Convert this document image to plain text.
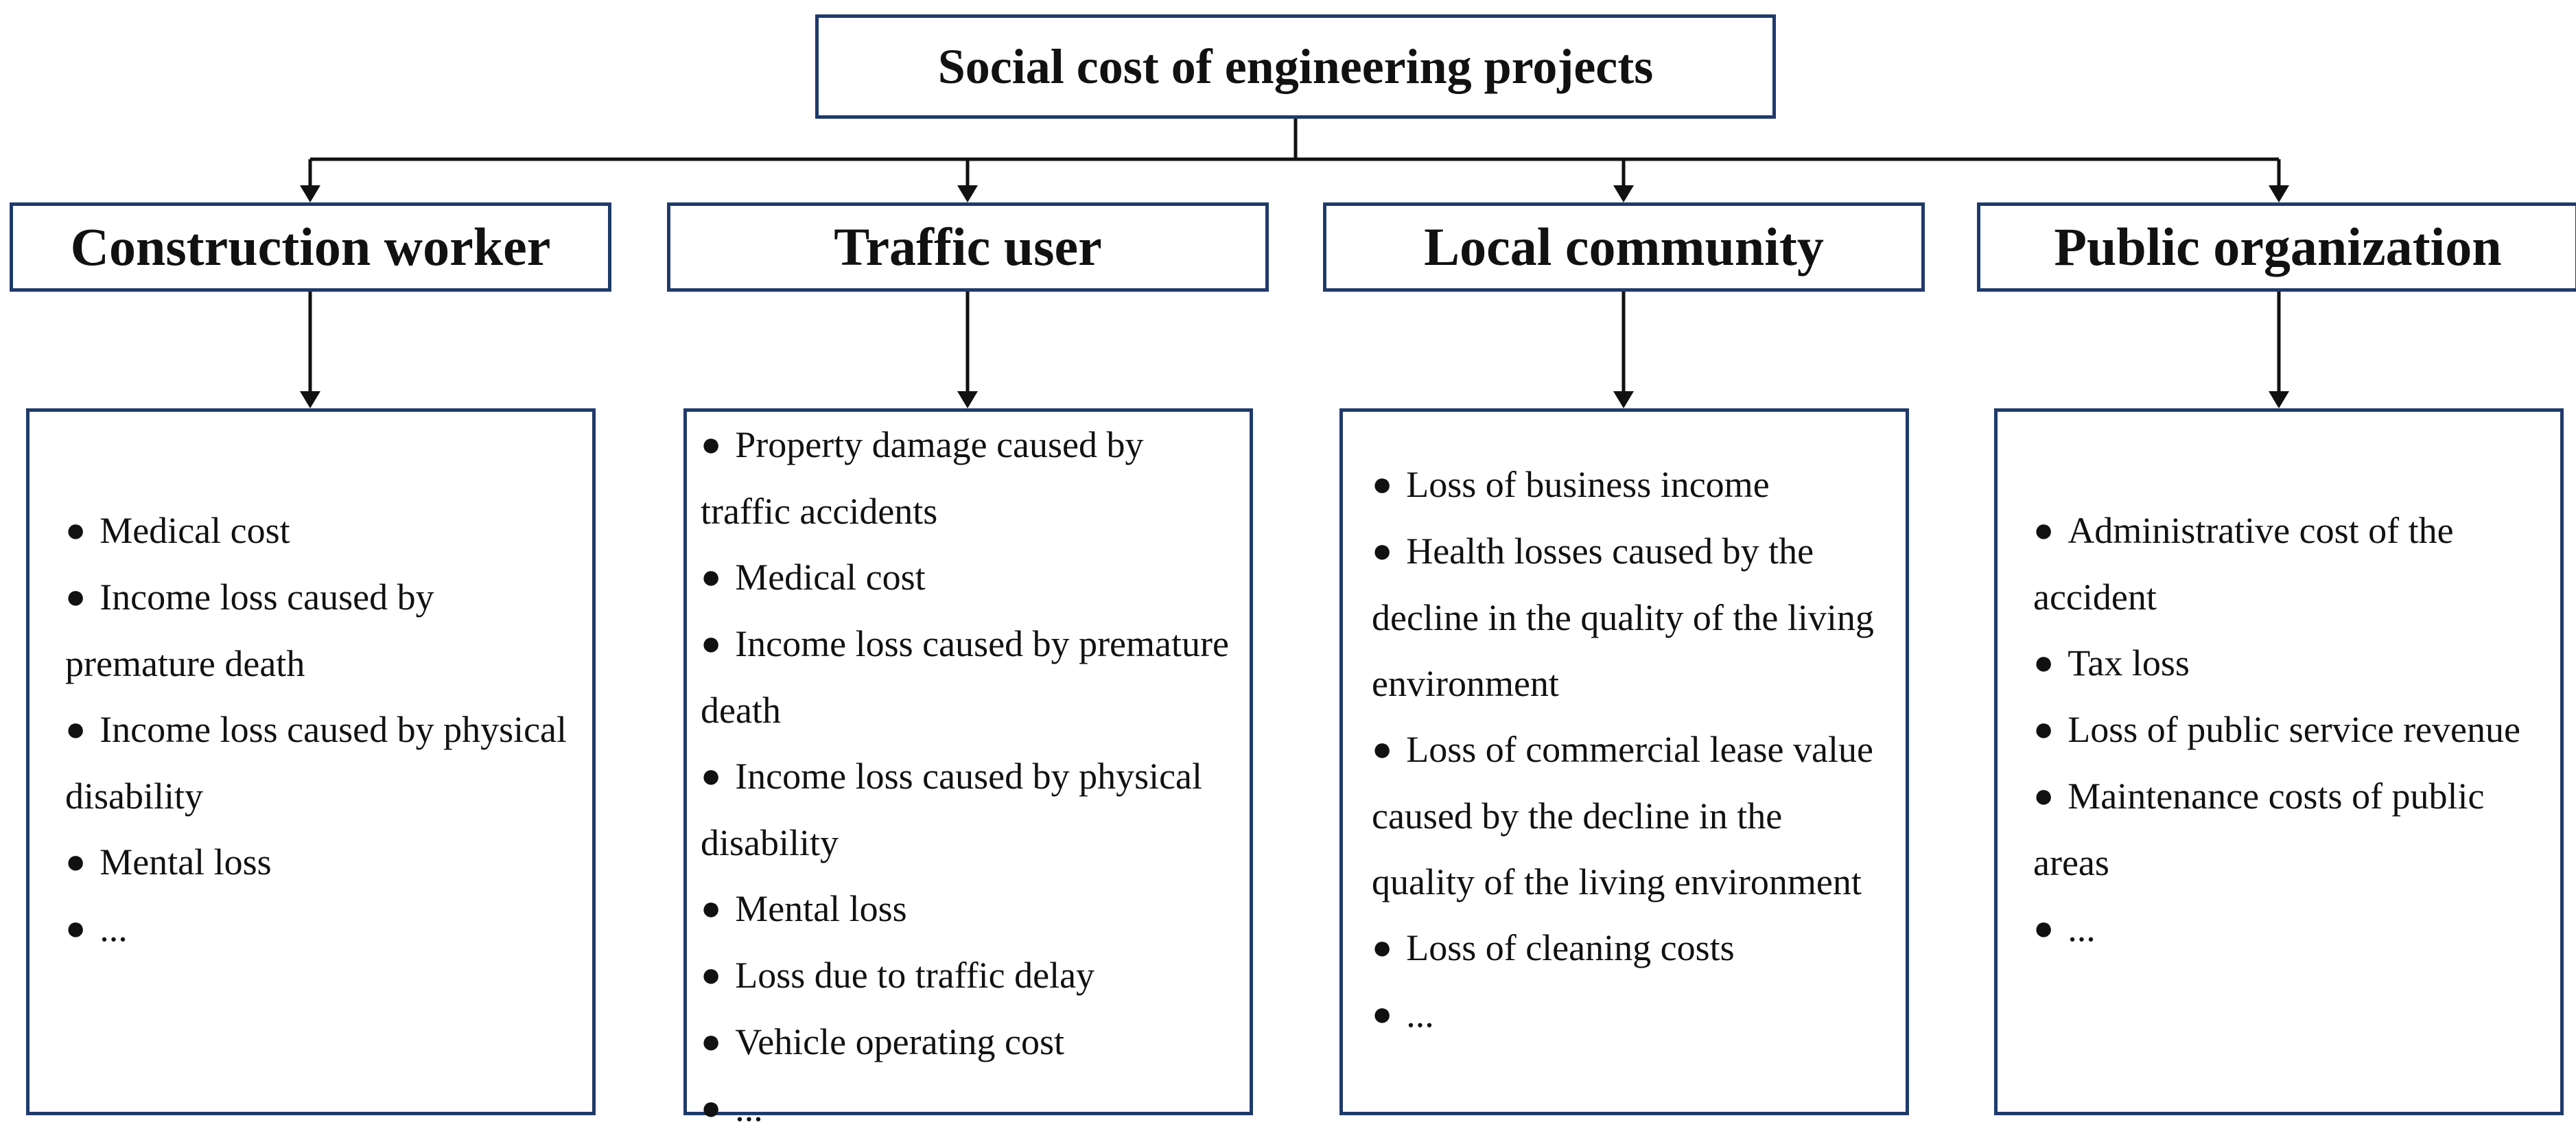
Social cost of engineering projects
Construction worker	Traffic user	Local community	Public organization
● Medical cost
● Income loss caused by premature death
● Income loss caused by physical disability
● Mental loss
● ...
● Property damage caused by traffic accidents
● Medical cost
● Income loss caused by premature death
● Income loss caused by physical disability
● Mental loss
● Loss due to traffic delay
● Vehicle operating cost
● ...
● Loss of business income
● Health losses caused by the decline in the quality of the living environment
● Loss of commercial lease value caused by the decline in the quality of the living environment
● Loss of cleaning costs
● ...
● Administrative cost of the accident
● Tax loss
● Loss of public service revenue
● Maintenance costs of public areas
● ...
